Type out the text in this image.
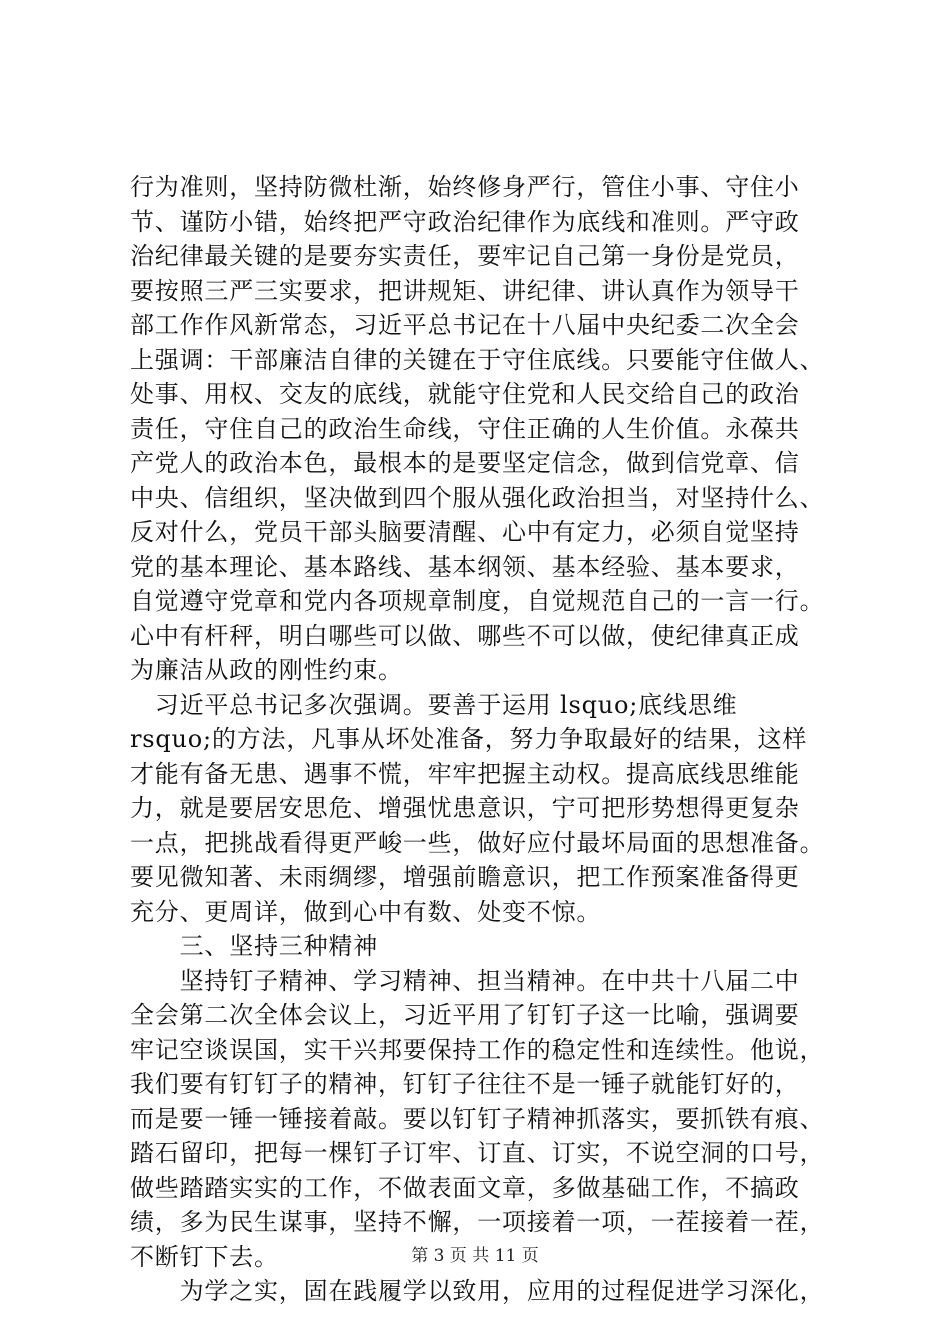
行为准则，坚持防微杜渐，始终修身严行，管住小事、守住小
节、谨防小错，始终把严守政治纪律作为底线和准则。严守政
治纪律最关键的是要夯实责任，要牢记自己第一身份是党员，
要按照三严三实要求，把讲规矩、讲纪律、讲认真作为领导干
部工作作风新常态，习近平总书记在十八届中央纪委二次全会
上强调：干部廉洁自律的关键在于守住底线。只要能守住做人、
处事、用权、交友的底线，就能守住党和人民交给自己的政治
责任，守住自己的政治生命线，守住正确的人生价值。永葆共
产党人的政治本色，最根本的是要坚定信念，做到信党章、信
中央、信组织，坚决做到四个服从强化政治担当，对坚持什么、
反对什么，党员干部头脑要清醒、心中有定力，必须自觉坚持
党的基本理论、基本路线、基本纲领、基本经验、基本要求，
自觉遵守党章和党内各项规章制度，自觉规范自己的一言一行。
心中有杆秤，明白哪些可以做、哪些不可以做，使纪律真正成
为廉洁从政的刚性约束。
　习近平总书记多次强调。要善于运用 lsquo;底线思维
rsquo;的方法，凡事从坏处准备，努力争取最好的结果，这样
才能有备无患、遇事不慌，牢牢把握主动权。提高底线思维能
力，就是要居安思危、增强忧患意识，宁可把形势想得更复杂
一点，把挑战看得更严峻一些，做好应付最坏局面的思想准备。
要见微知著、未雨绸缪，增强前瞻意识，把工作预案准备得更
充分、更周详，做到心中有数、处变不惊。
　　三、坚持三种精神
　　坚持钉子精神、学习精神、担当精神。在中共十八届二中
全会第二次全体会议上，习近平用了钉钉子这一比喻，强调要
牢记空谈误国，实干兴邦要保持工作的稳定性和连续性。他说，
我们要有钉钉子的精神，钉钉子往往不是一锤子就能钉好的，
而是要一锤一锤接着敲。要以钉钉子精神抓落实，要抓铁有痕、
踏石留印，把每一棵钉子订牢、订直、订实，不说空洞的口号，
做些踏踏实实的工作，不做表面文章，多做基础工作，不搞政
绩，多为民生谋事，坚持不懈，一项接着一项，一茬接着一茬，
不断钉下去。
　　为学之实，固在践履学以致用，应用的过程促进学习深化，
第 3 页 共 11 页
